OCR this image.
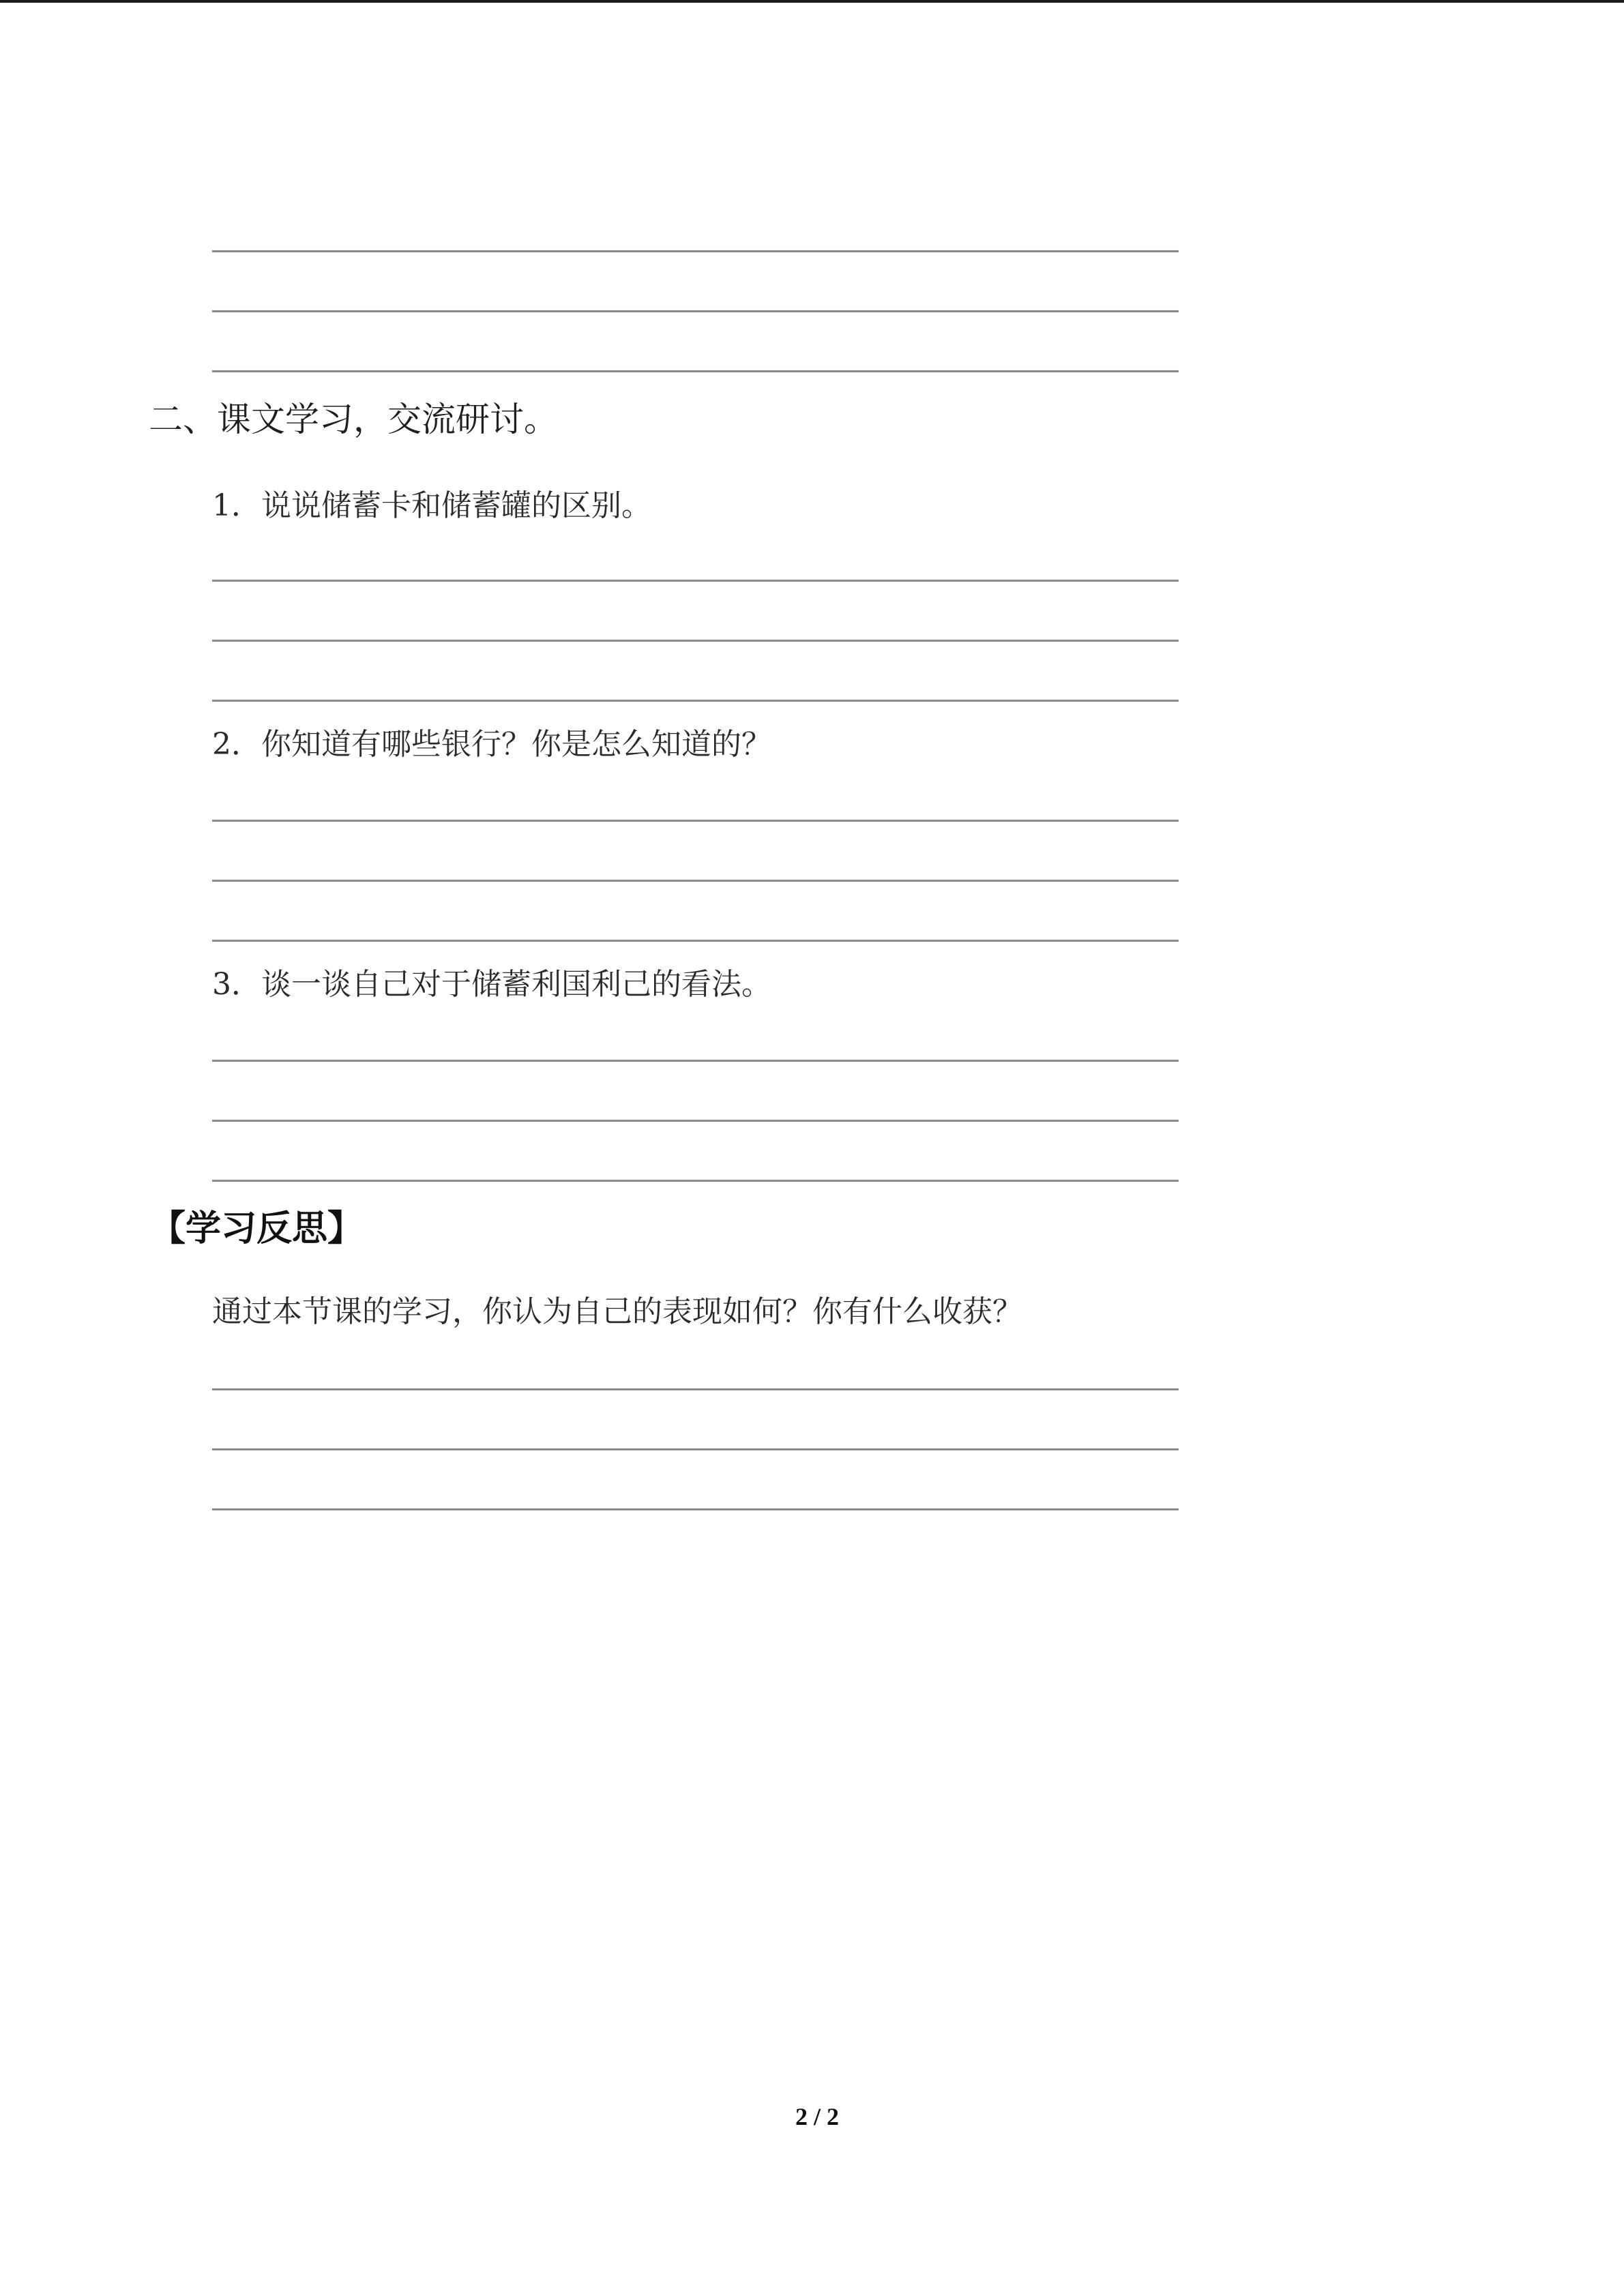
二、课文学习，交流研讨。
1．说说储蓄卡和储蓄罐的区别。
2．你知道有哪些银行？你是怎么知道的？
3．谈一谈自己对于储蓄利国利己的看法。
【学习反思】
通过本节课的学习，你认为自己的表现如何？你有什么收获？
2 / 2
